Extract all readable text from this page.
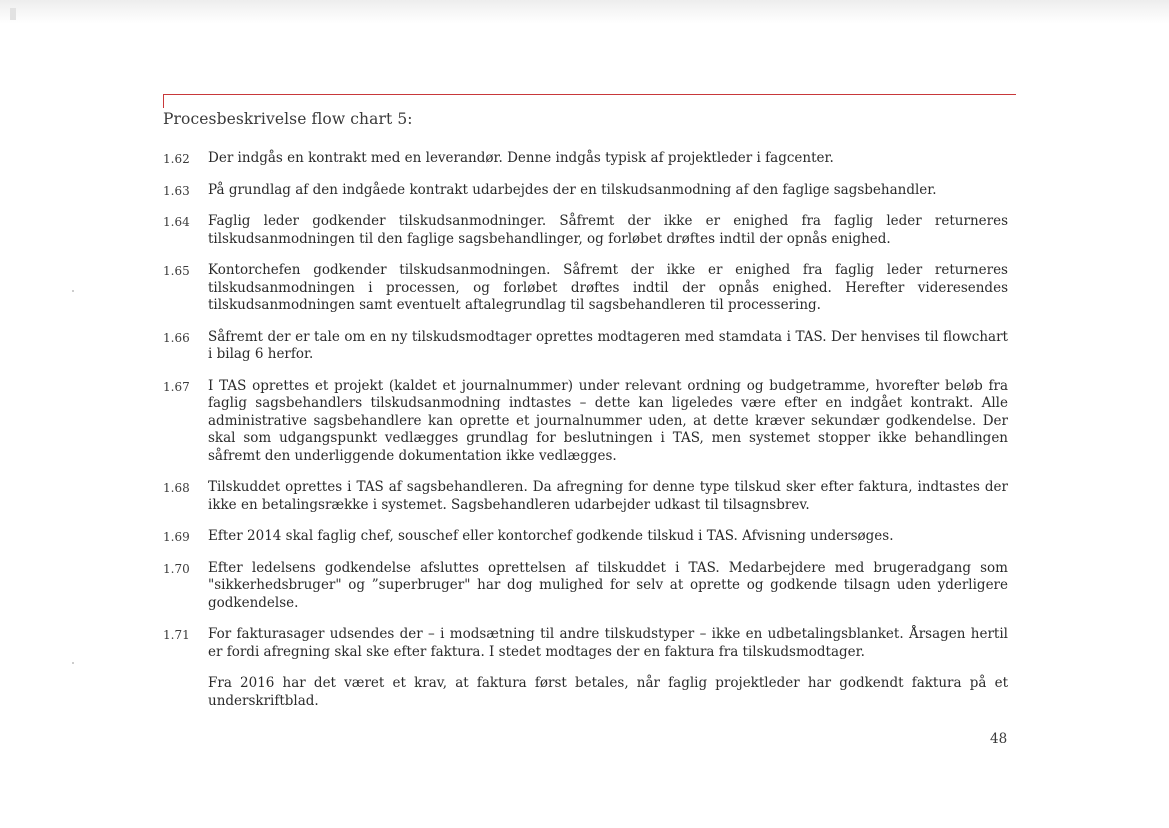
Procesbeskrivelse flow chart 5:
1.62 Der indgås en kontrakt med en leverandør. Denne indgås typisk af projektleder i fagcenter.
1.63 På grundlag af den indgåede kontrakt udarbejdes der en tilskudsanmodning af den faglige sagsbehandler.
1.64 Faglig leder godkender tilskudsanmodninger. Såfremt der ikke er enighed fra faglig leder returneres tilskudsanmodningen til den faglige sagsbehandlinger, og forløbet drøftes indtil der opnås enighed.
1.65 Kontorchefen godkender tilskudsanmodningen. Såfremt der ikke er enighed fra faglig leder returneres tilskudsanmodningen i processen, og forløbet drøftes indtil der opnås enighed. Herefter videresendes tilskudsanmodningen samt eventuelt aftalegrundlag til sagsbehandleren til processering.
1.66 Såfremt der er tale om en ny tilskudsmodtager oprettes modtageren med stamdata i TAS. Der henvises til flowchart i bilag 6 herfor.
1.67 I TAS oprettes et projekt (kaldet et journalnummer) under relevant ordning og budgetramme, hvorefter beløb fra faglig sagsbehandlers tilskudsanmodning indtastes – dette kan ligeledes være efter en indgået kontrakt. Alle administrative sagsbehandlere kan oprette et journalnummer uden, at dette kræver sekundær godkendelse. Der skal som udgangspunkt vedlægges grundlag for beslutningen i TAS, men systemet stopper ikke behandlingen såfremt den underliggende dokumentation ikke vedlægges.
1.68 Tilskuddet oprettes i TAS af sagsbehandleren. Da afregning for denne type tilskud sker efter faktura, indtastes der ikke en betalingsrække i systemet. Sagsbehandleren udarbejder udkast til tilsagnsbrev.
1.69 Efter 2014 skal faglig chef, souschef eller kontorchef godkende tilskud i TAS. Afvisning undersøges.
1.70 Efter ledelsens godkendelse afsluttes oprettelsen af tilskuddet i TAS. Medarbejdere med brugeradgang som "sikkerhedsbruger" og ”superbruger" har dog mulighed for selv at oprette og godkende tilsagn uden yderligere godkendelse.
1.71 For fakturasager udsendes der – i modsætning til andre tilskudstyper – ikke en udbetalingsblanket. Årsagen hertil er fordi afregning skal ske efter faktura. I stedet modtages der en faktura fra tilskudsmodtager.
Fra 2016 har det været et krav, at faktura først betales, når faglig projektleder har godkendt faktura på et underskriftblad.
48
